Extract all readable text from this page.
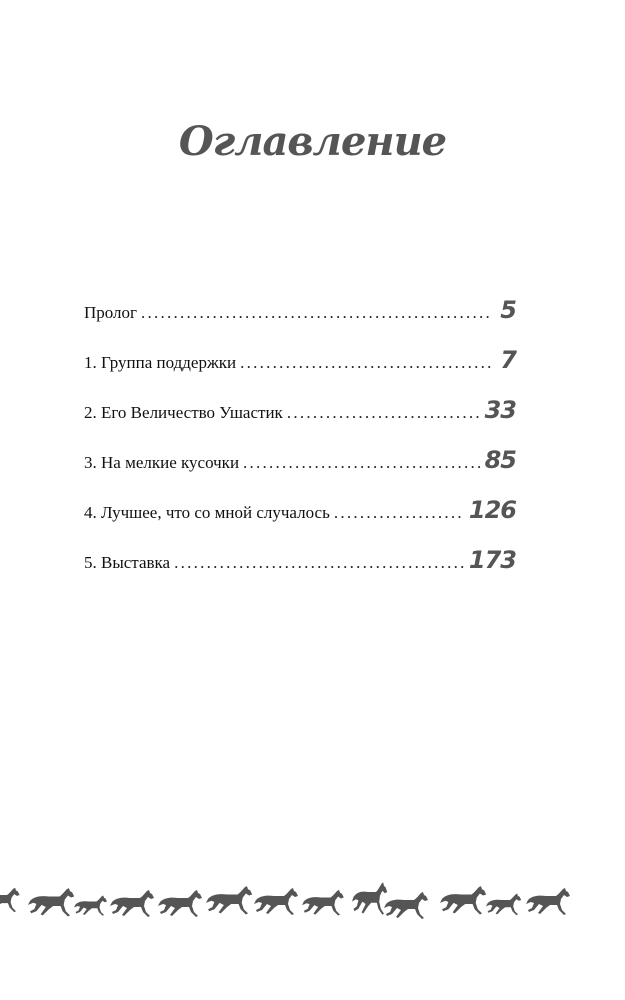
Оглавление
Пролог . . .	5
1. Группа поддержки . . .	7
2. Его Величество Ушастик . . .	33
3. На мелкие кусочки . . .	85
4. Лучшее, что со мной случалось . . .	126
5. Выставка . . .	173
